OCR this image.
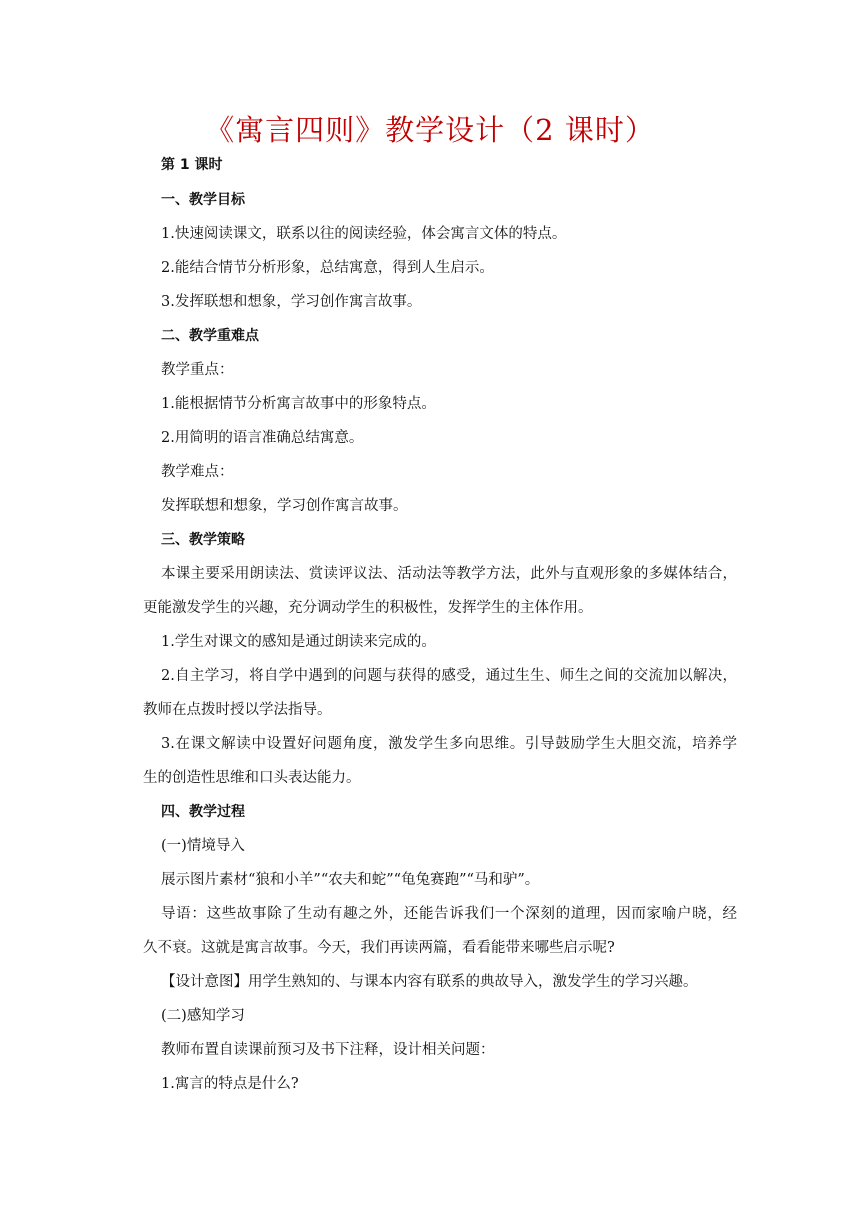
《寓言四则》教学设计（2 课时）
第 1 课时
一、教学目标
1.快速阅读课文，联系以往的阅读经验，体会寓言文体的特点。
2.能结合情节分析形象，总结寓意，得到人生启示。
3.发挥联想和想象，学习创作寓言故事。
二、教学重难点
教学重点：
1.能根据情节分析寓言故事中的形象特点。
2.用简明的语言准确总结寓意。
教学难点：
发挥联想和想象，学习创作寓言故事。
三、教学策略
本课主要采用朗读法、赏读评议法、活动法等教学方法，此外与直观形象的多媒体结合，
更能激发学生的兴趣，充分调动学生的积极性，发挥学生的主体作用。
1.学生对课文的感知是通过朗读来完成的。
2.自主学习，将自学中遇到的问题与获得的感受，通过生生、师生之间的交流加以解决，
教师在点拨时授以学法指导。
3.在课文解读中设置好问题角度，激发学生多向思维。引导鼓励学生大胆交流，培养学
生的创造性思维和口头表达能力。
四、教学过程
(一)情境导入
展示图片素材“狼和小羊”“农夫和蛇”“龟兔赛跑”“马和驴”。
导语：这些故事除了生动有趣之外，还能告诉我们一个深刻的道理，因而家喻户晓，经
久不衰。这就是寓言故事。今天，我们再读两篇，看看能带来哪些启示呢?
【设计意图】用学生熟知的、与课本内容有联系的典故导入，激发学生的学习兴趣。
(二)感知学习
教师布置自读课前预习及书下注释，设计相关问题：
1.寓言的特点是什么?
